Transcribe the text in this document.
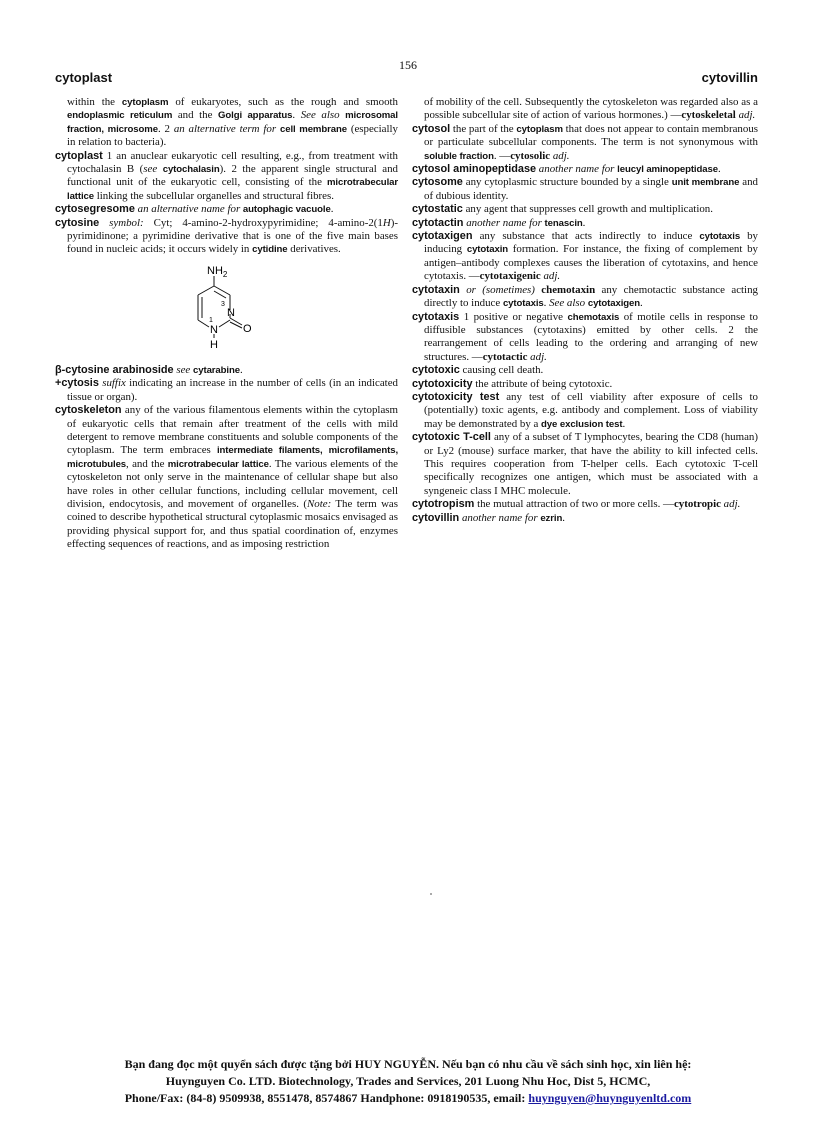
156
cytoplast	cytovillin

within the cytoplasm of eukaryotes, such as the rough and smooth endoplasmic reticulum and the Golgi apparatus. See also microsomal fraction, microsome. 2 an alternative term for cell membrane (especially in relation to bacteria).

cytoplast 1 an anuclear eukaryotic cell resulting, e.g., from treatment with cytochalasin B (see cytochalasin). 2 the apparent single structural and functional unit of the eukaryotic cell, consisting of the microtrabecular lattice linking the subcellular organelles and structural fibres.

cytosegresome an alternative name for autophagic vacuole.

cytosine symbol: Cyt; 4-amino-2-hydroxypyrimidine; 4-amino-2(1H)-pyrimidinone; a pyrimidine derivative that is one of the five main bases found in nucleic acids; it occurs widely in cytidine derivatives.

$NH_2$
N
3
N
1
H
O

β-cytosine arabinoside see cytarabine.

+cytosis suffix indicating an increase in the number of cells (in an indicated tissue or organ).

cytoskeleton any of the various filamentous elements within the cytoplasm of eukaryotic cells that remain after treatment of the cells with mild detergent to remove membrane constituents and soluble components of the cytoplasm. The term embraces intermediate filaments, microfilaments, microtubules, and the microtrabecular lattice. The various elements of the cytoskeleton not only serve in the maintenance of cellular shape but also have roles in other cellular functions, including cellular movement, cell division, endocytosis, and movement of organelles. (Note: The term was coined to describe hypothetical structural cytoplasmic mosaics envisaged as providing physical support for, and thus spatial coordination of, enzymes effecting sequences of reactions, and as imposing restriction

of mobility of the cell. Subsequently the cytoskeleton was regarded also as a possible subcellular site of action of various hormones.) —cytoskeletal adj.

cytosol the part of the cytoplasm that does not appear to contain membranous or particulate subcellular components. The term is not synonymous with soluble fraction. —cytosolic adj.

cytosol aminopeptidase another name for leucyl aminopeptidase.

cytosome any cytoplasmic structure bounded by a single unit membrane and of dubious identity.

cytostatic any agent that suppresses cell growth and multiplication.

cytotactin another name for tenascin.

cytotaxigen any substance that acts indirectly to induce cytotaxis by inducing cytotaxin formation. For instance, the fixing of complement by antigen–antibody complexes causes the liberation of cytotaxins, and hence cytotaxis. —cytotaxigenic adj.

cytotaxin or (sometimes) chemotaxin any chemotactic substance acting directly to induce cytotaxis. See also cytotaxigen.

cytotaxis 1 positive or negative chemotaxis of motile cells in response to diffusible substances (cytotaxins) emitted by other cells. 2 the rearrangement of cells leading to the ordering and arranging of new structures. —cytotactic adj.

cytotoxic causing cell death.

cytotoxicity the attribute of being cytotoxic.

cytotoxicity test any test of cell viability after exposure of cells to (potentially) toxic agents, e.g. antibody and complement. Loss of viability may be demonstrated by a dye exclusion test.

cytotoxic T-cell any of a subset of T lymphocytes, bearing the CD8 (human) or Ly2 (mouse) surface marker, that have the ability to kill infected cells. This requires cooperation from T-helper cells. Each cytotoxic T-cell specifically recognizes one antigen, which must be associated with a syngeneic class I MHC molecule.

cytotropism the mutual attraction of two or more cells. —cytotropic adj.

cytovillin another name for ezrin.

Bạn đang đọc một quyển sách được tặng bởi HUY NGUYỄN. Nếu bạn có nhu cầu về sách sinh học, xin liên hệ:
Huynguyen Co. LTD. Biotechnology, Trades and Services, 201 Luong Nhu Hoc, Dist 5, HCMC,
Phone/Fax: (84-8) 9509938, 8551478, 8574867 Handphone: 0918190535, email: huynguyen@huynguyenltd.com
